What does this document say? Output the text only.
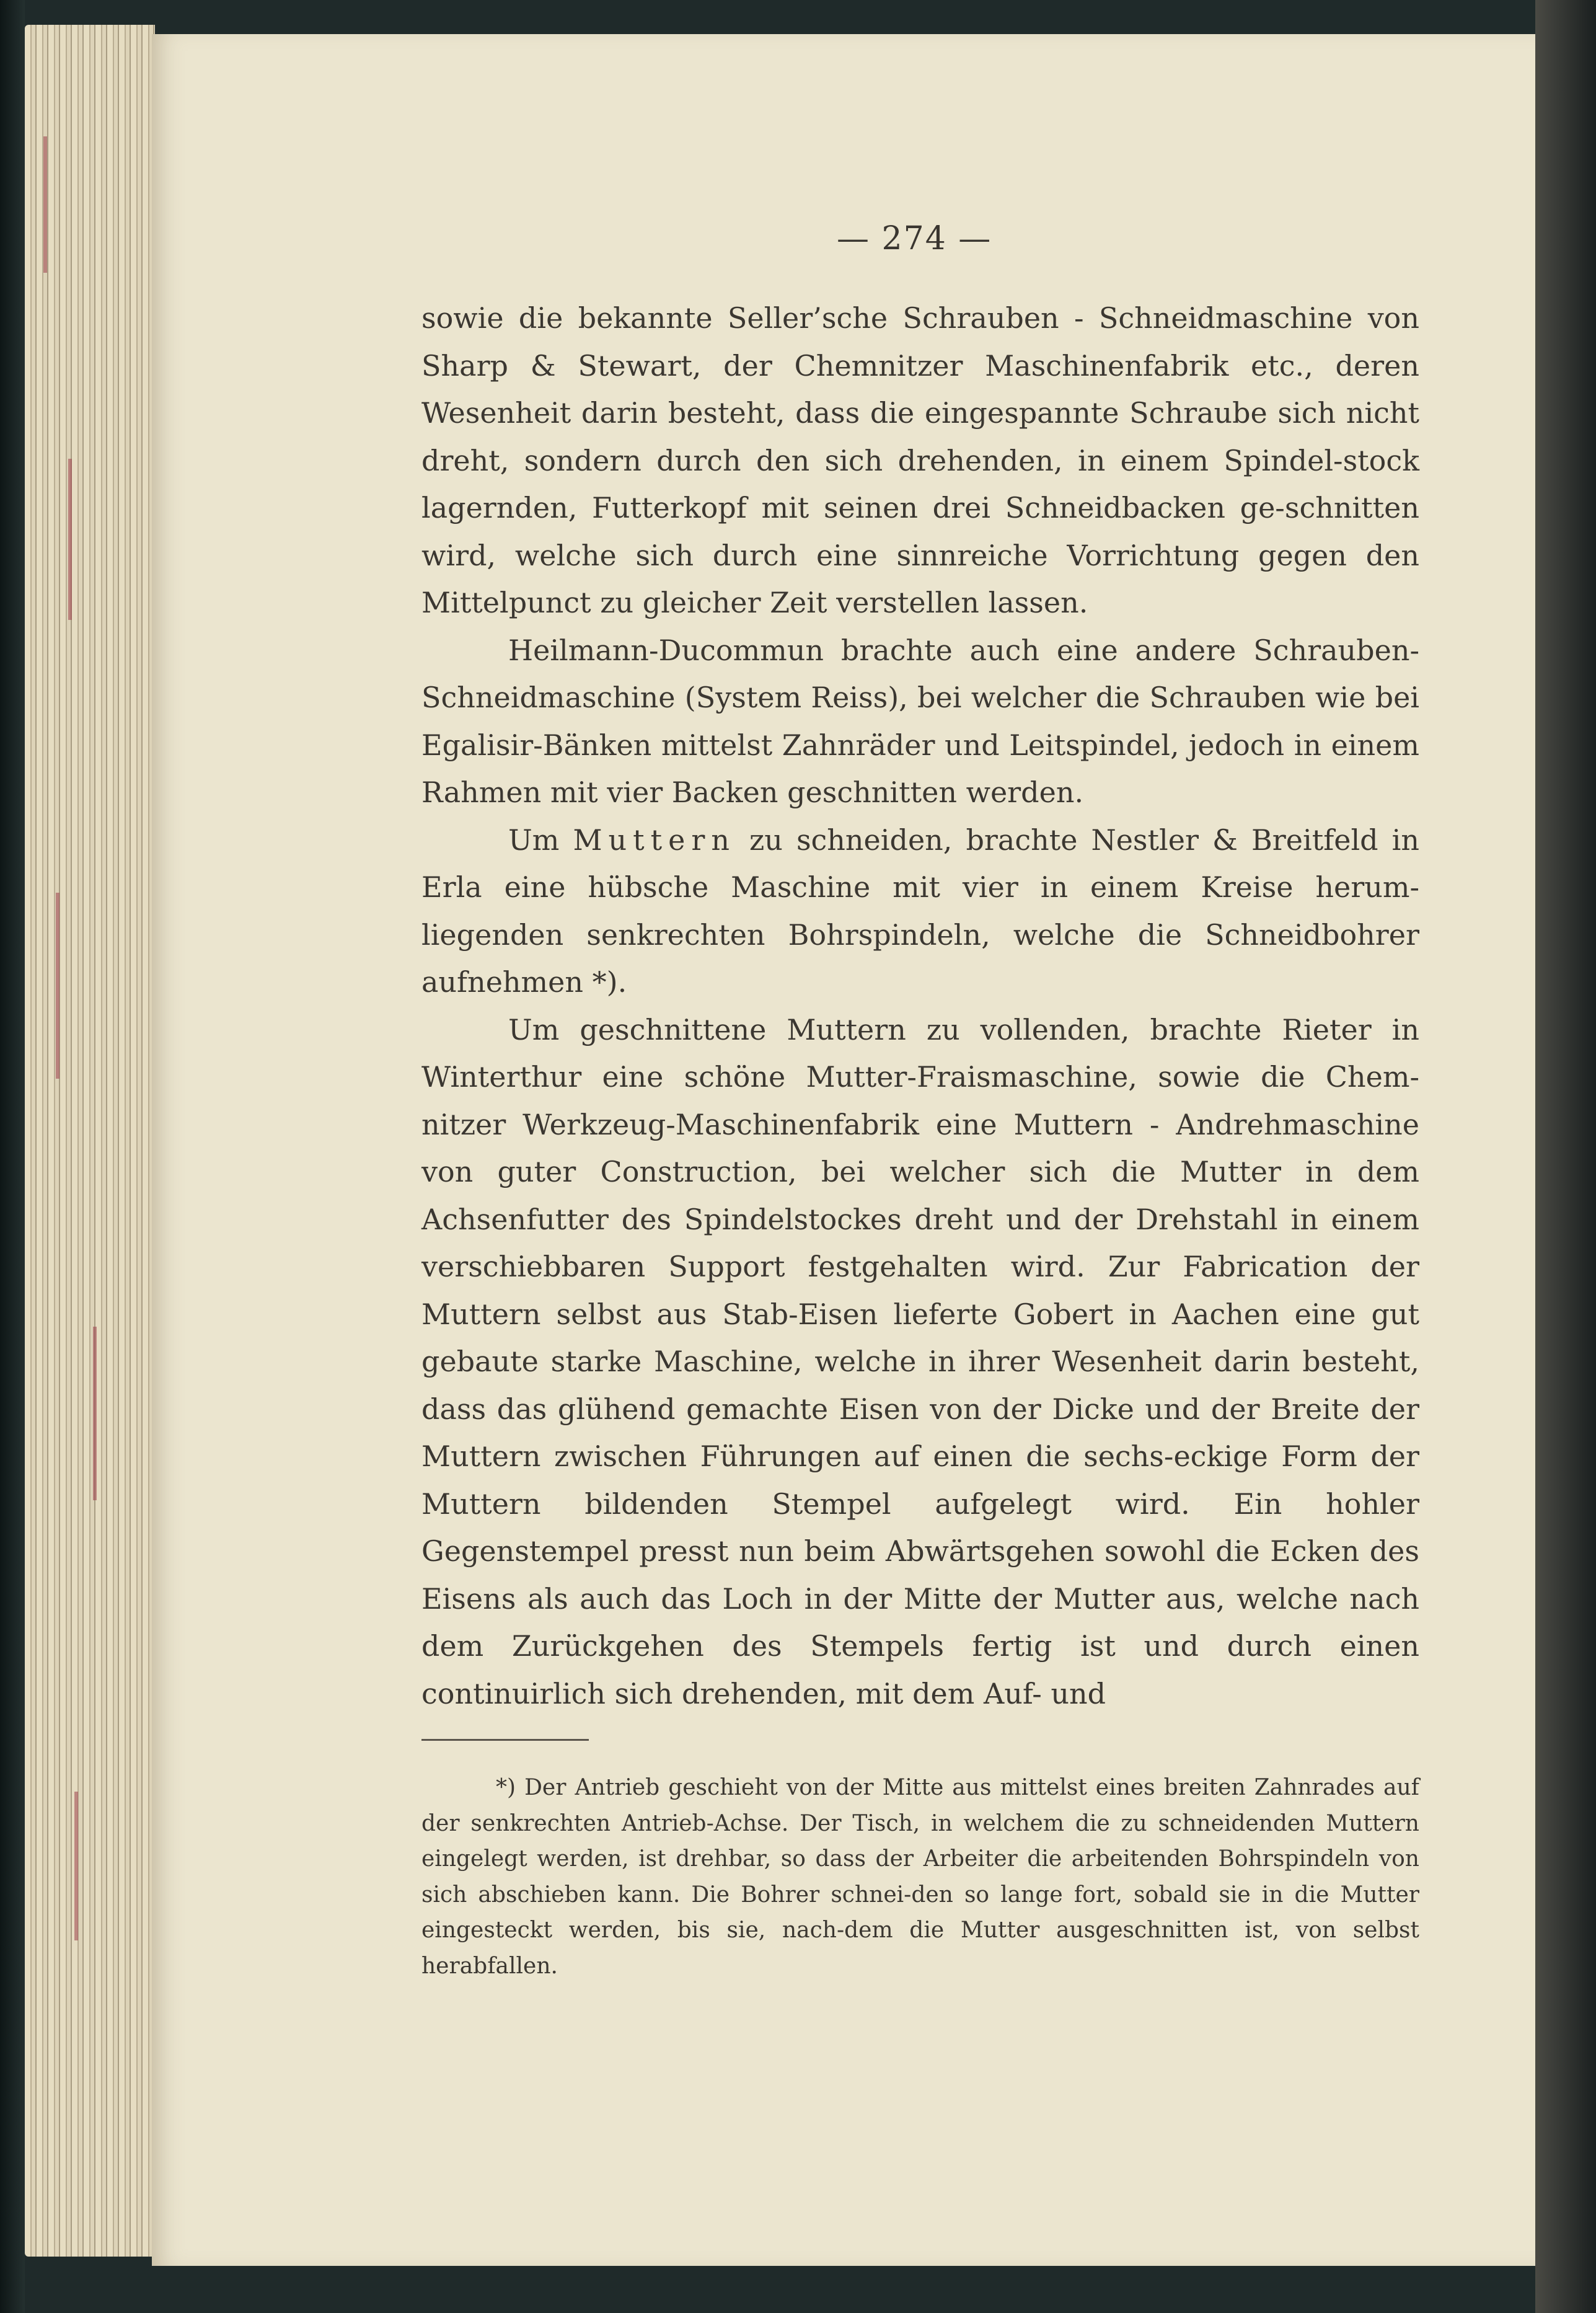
— 274 —

sowie die bekannte Seller’sche Schrauben - Schneidmaschine von Sharp & Stewart, der Chemnitzer Maschinenfabrik etc., deren Wesenheit darin besteht, dass die eingespannte Schraube sich nicht dreht, sondern durch den sich drehenden, in einem Spindel-stock lagernden, Futterkopf mit seinen drei Schneidbacken ge-schnitten wird, welche sich durch eine sinnreiche Vorrichtung gegen den Mittelpunct zu gleicher Zeit verstellen lassen.

Heilmann-Ducommun brachte auch eine andere Schrauben-Schneidmaschine (System Reiss), bei welcher die Schrauben wie bei Egalisir-Bänken mittelst Zahnräder und Leitspindel, jedoch in einem Rahmen mit vier Backen geschnitten werden.

Um Muttern zu schneiden, brachte Nestler & Breitfeld in Erla eine hübsche Maschine mit vier in einem Kreise herum-liegenden senkrechten Bohrspindeln, welche die Schneidbohrer aufnehmen *).

Um geschnittene Muttern zu vollenden, brachte Rieter in Winterthur eine schöne Mutter-Fraismaschine, sowie die Chem-nitzer Werkzeug-Maschinenfabrik eine Muttern - Andrehmaschine von guter Construction, bei welcher sich die Mutter in dem Achsenfutter des Spindelstockes dreht und der Drehstahl in einem verschiebbaren Support festgehalten wird. Zur Fabrication der Muttern selbst aus Stab-Eisen lieferte Gobert in Aachen eine gut gebaute starke Maschine, welche in ihrer Wesenheit darin besteht, dass das glühend gemachte Eisen von der Dicke und der Breite der Muttern zwischen Führungen auf einen die sechs-eckige Form der Muttern bildenden Stempel aufgelegt wird. Ein hohler Gegenstempel presst nun beim Abwärtsgehen sowohl die Ecken des Eisens als auch das Loch in der Mitte der Mutter aus, welche nach dem Zurückgehen des Stempels fertig ist und durch einen continuirlich sich drehenden, mit dem Auf- und

*) Der Antrieb geschieht von der Mitte aus mittelst eines breiten Zahnrades auf der senkrechten Antrieb-Achse. Der Tisch, in welchem die zu schneidenden Muttern eingelegt werden, ist drehbar, so dass der Arbeiter die arbeitenden Bohrspindeln von sich abschieben kann. Die Bohrer schnei-den so lange fort, sobald sie in die Mutter eingesteckt werden, bis sie, nach-dem die Mutter ausgeschnitten ist, von selbst herabfallen.
